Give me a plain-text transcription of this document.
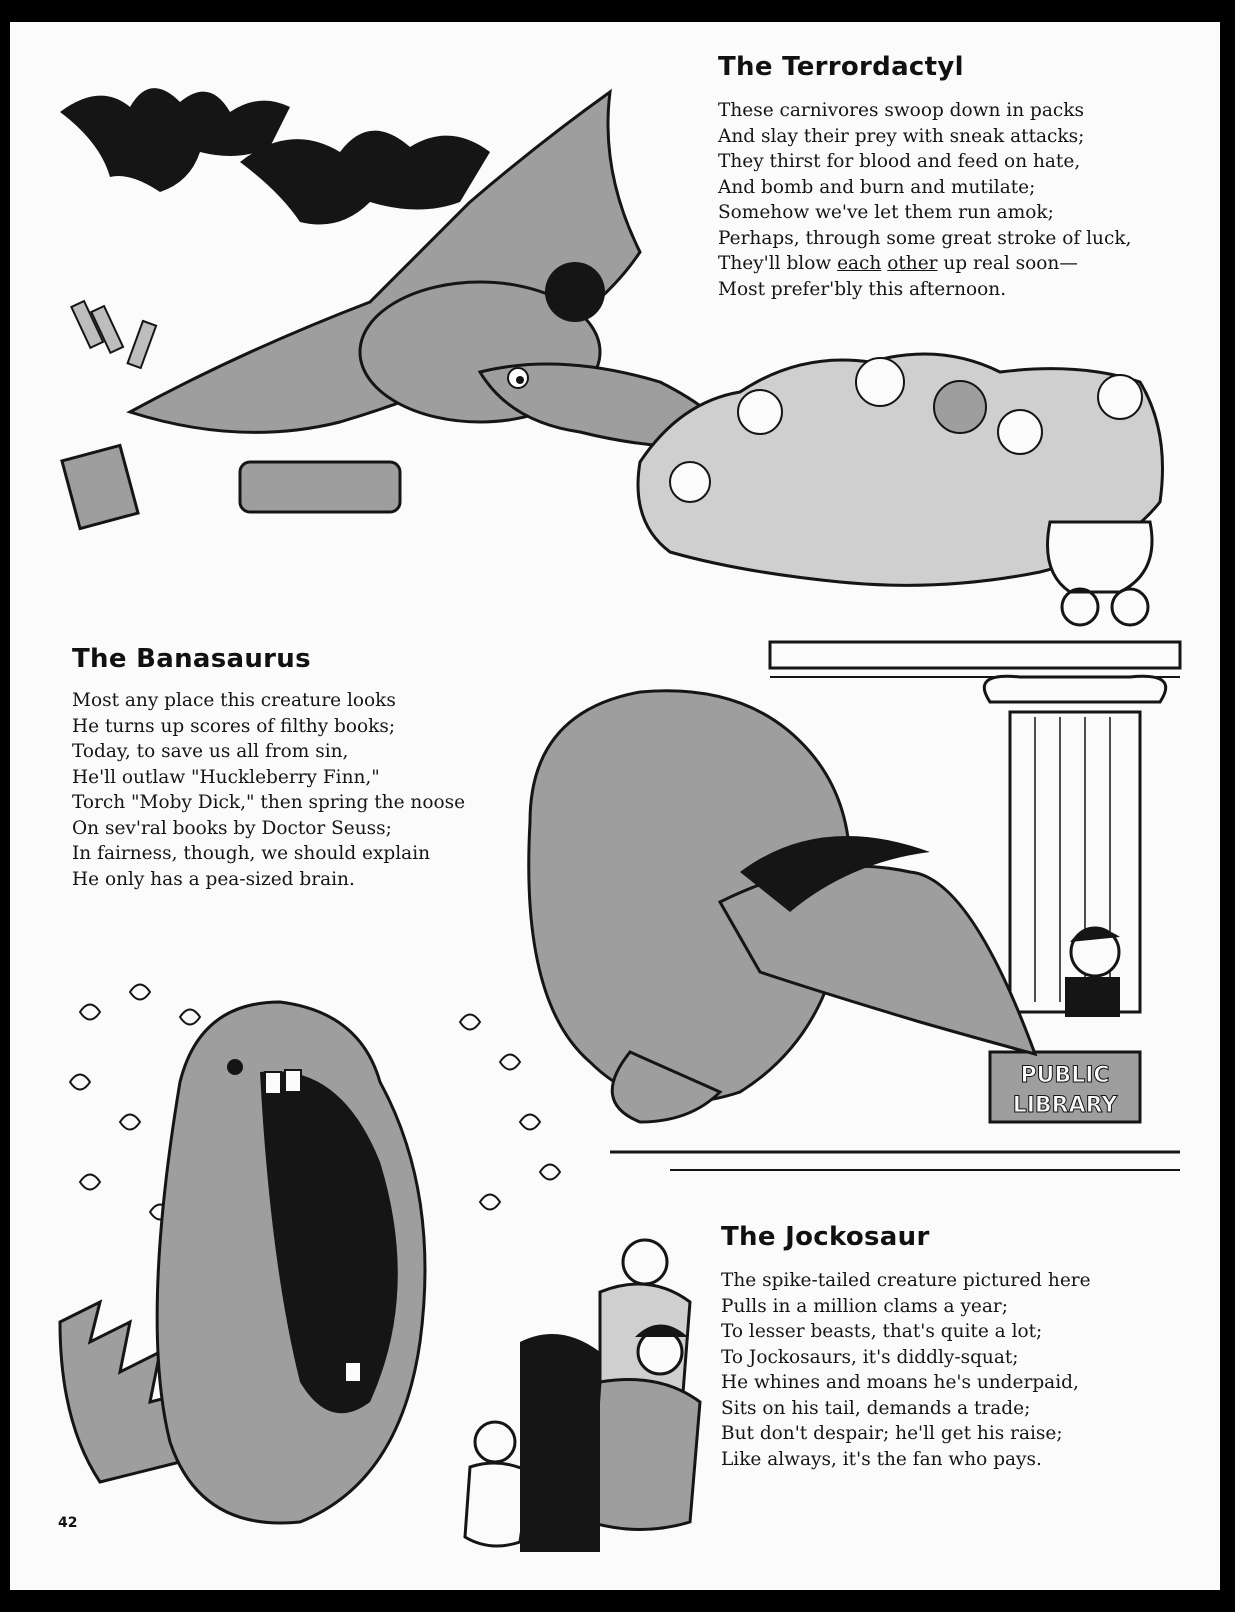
The Terrordactyl
These carnivores swoop down in packs
And slay their prey with sneak attacks;
They thirst for blood and feed on hate,
And bomb and burn and mutilate;
Somehow we've let them run amok;
Perhaps, through some great stroke of luck,
They'll blow each other up real soon—
Most prefer'bly this afternoon.
The Banasaurus
Most any place this creature looks
He turns up scores of filthy books;
Today, to save us all from sin,
He'll outlaw "Huckleberry Finn,"
Torch "Moby Dick," then spring the noose
On sev'ral books by Doctor Seuss;
In fairness, though, we should explain
He only has a pea-sized brain.
PUBLIC
LIBRARY
The Jockosaur
The spike-tailed creature pictured here
Pulls in a million clams a year;
To lesser beasts, that's quite a lot;
To Jockosaurs, it's diddly-squat;
He whines and moans he's underpaid,
Sits on his tail, demands a trade;
But don't despair; he'll get his raise;
Like always, it's the fan who pays.
42
